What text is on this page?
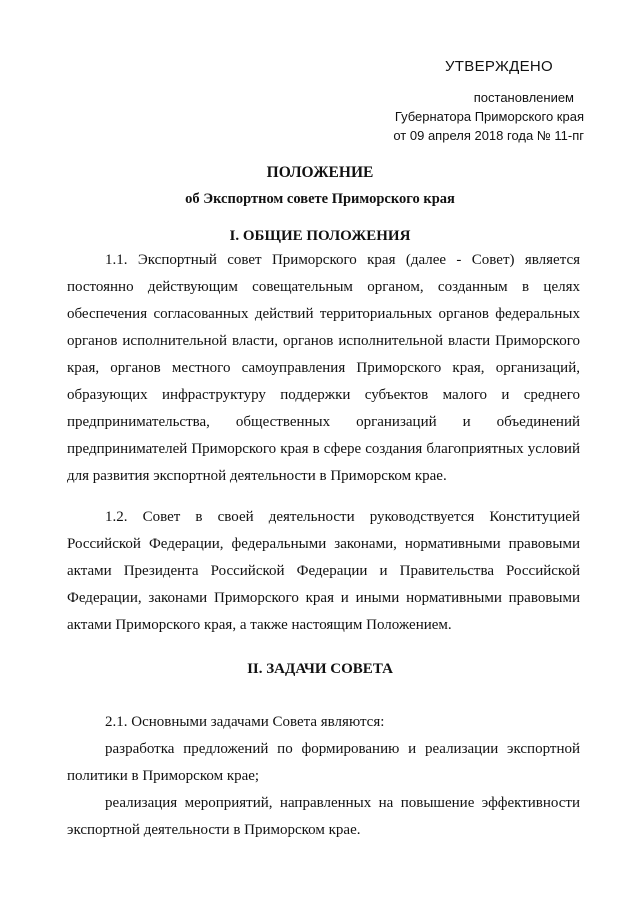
УТВЕРЖДЕНО
постановлением
Губернатора Приморского края
от 09 апреля 2018 года № 11-пг
ПОЛОЖЕНИЕ
об Экспортном совете Приморского края
I. ОБЩИЕ ПОЛОЖЕНИЯ

1.1. Экспортный совет Приморского края (далее - Совет) является постоянно действующим совещательным органом, созданным в целях обеспечения согласованных действий территориальных органов федеральных органов исполнительной власти, органов исполнительной власти Приморского края, органов местного самоуправления Приморского края, организаций, образующих инфраструктуру поддержки субъектов малого и среднего предпринимательства, общественных организаций и объединений предпринимателей Приморского края в сфере создания благоприятных условий для развития экспортной деятельности в Приморском крае.

1.2. Совет в своей деятельности руководствуется Конституцией Российской Федерации, федеральными законами, нормативными правовыми актами Президента Российской Федерации и Правительства Российской Федерации, законами Приморского края и иными нормативными правовыми актами Приморского края, а также настоящим Положением.

II. ЗАДАЧИ СОВЕТА

2.1. Основными задачами Совета являются:

разработка предложений по формированию и реализации экспортной политики в Приморском крае;

реализация мероприятий, направленных на повышение эффективности экспортной деятельности в Приморском крае.
